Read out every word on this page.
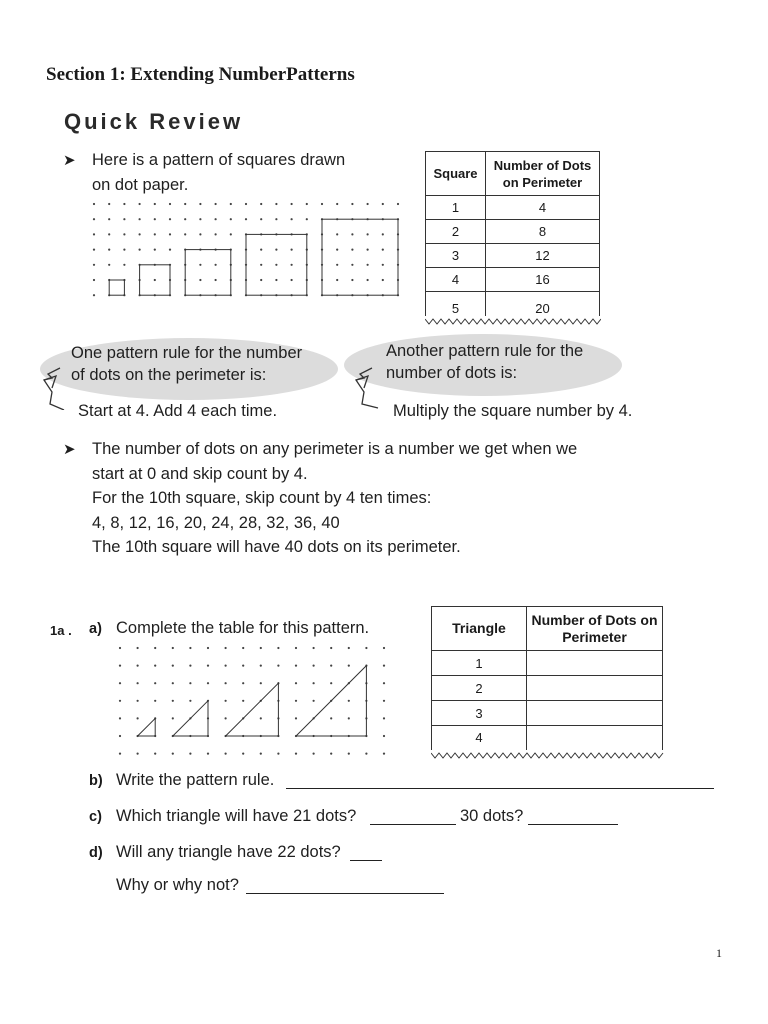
Section 1: Extending NumberPatterns
Quick Review
➤ Here is a pattern of squares drawn
on dot paper.
Square	Number of Dots on Perimeter
1	4
2	8
3	12
4	16
5	20
One pattern rule for the number
of dots on the perimeter is:
Another pattern rule for the
number of dots is:
Start at 4. Add 4 each time.	Multiply the square number by 4.
➤ The number of dots on any perimeter is a number we get when we
start at 0 and skip count by 4.
For the 10th square, skip count by 4 ten times:
4, 8, 12, 16, 20, 24, 28, 32, 36, 40
The 10th square will have 40 dots on its perimeter.
1a . a) Complete the table for this pattern.	Triangle	Number of Dots on Perimeter
1	
2	
3	
4	
b) Write the pattern rule.
c) Which triangle will have 21 dots?	30 dots?
d) Will any triangle have 22 dots?
Why or why not?
1
